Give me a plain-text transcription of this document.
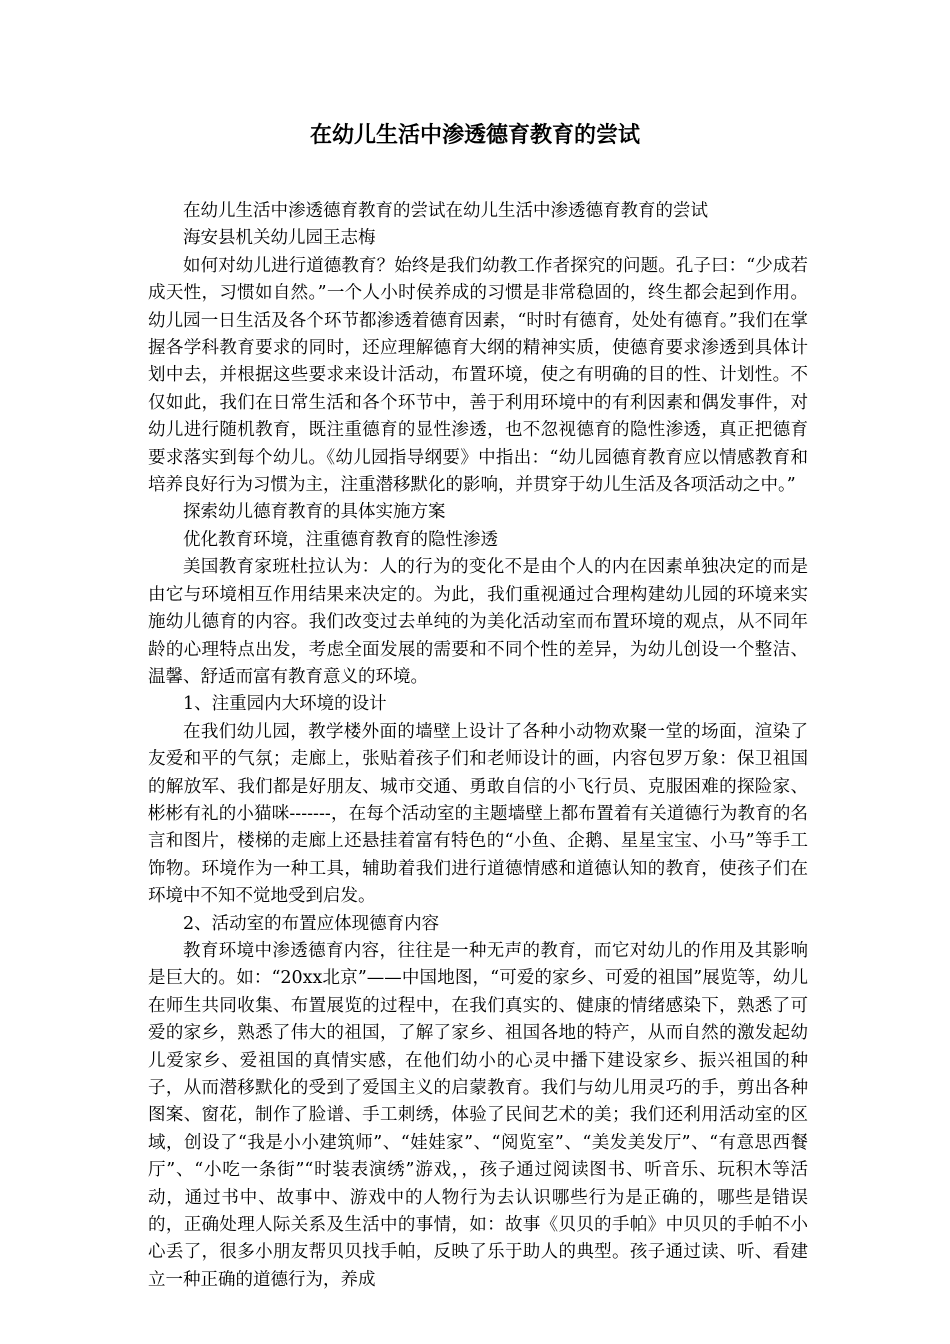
在幼儿生活中渗透德育教育的尝试

在幼儿生活中渗透德育教育的尝试在幼儿生活中渗透德育教育的尝试

海安县机关幼儿园王志梅

如何对幼儿进行道德教育？始终是我们幼教工作者探究的问题。孔子曰：“少成若成天性，习惯如自然。”一个人小时侯养成的习惯是非常稳固的，终生都会起到作用。幼儿园一日生活及各个环节都渗透着德育因素，“时时有德育，处处有德育。”我们在掌握各学科教育要求的同时，还应理解德育大纲的精神实质，使德育要求渗透到具体计划中去，并根据这些要求来设计活动，布置环境，使之有明确的目的性、计划性。不仅如此，我们在日常生活和各个环节中，善于利用环境中的有利因素和偶发事件，对幼儿进行随机教育，既注重德育的显性渗透，也不忽视德育的隐性渗透，真正把德育要求落实到每个幼儿。《幼儿园指导纲要》中指出：“幼儿园德育教育应以情感教育和培养良好行为习惯为主，注重潜移默化的影响，并贯穿于幼儿生活及各项活动之中。”

探索幼儿德育教育的具体实施方案

优化教育环境，注重德育教育的隐性渗透

美国教育家班杜拉认为：人的行为的变化不是由个人的内在因素单独决定的而是由它与环境相互作用结果来决定的。为此，我们重视通过合理构建幼儿园的环境来实施幼儿德育的内容。我们改变过去单纯的为美化活动室而布置环境的观点，从不同年龄的心理特点出发，考虑全面发展的需要和不同个性的差异，为幼儿创设一个整洁、温馨、舒适而富有教育意义的环境。

1、注重园内大环境的设计

在我们幼儿园，教学楼外面的墙壁上设计了各种小动物欢聚一堂的场面，渲染了友爱和平的气氛；走廊上，张贴着孩子们和老师设计的画，内容包罗万象：保卫祖国的解放军、我们都是好朋友、城市交通、勇敢自信的小飞行员、克服困难的探险家、彬彬有礼的小猫咪-------，在每个活动室的主题墙壁上都布置着有关道德行为教育的名言和图片，楼梯的走廊上还悬挂着富有特色的“小鱼、企鹅、星星宝宝、小马”等手工饰物。环境作为一种工具，辅助着我们进行道德情感和道德认知的教育，使孩子们在环境中不知不觉地受到启发。

2、活动室的布置应体现德育内容

教育环境中渗透德育内容，往往是一种无声的教育，而它对幼儿的作用及其影响是巨大的。如：“20xx北京”——中国地图，“可爱的家乡、可爱的祖国”展览等，幼儿在师生共同收集、布置展览的过程中，在我们真实的、健康的情绪感染下，熟悉了可爱的家乡，熟悉了伟大的祖国，了解了家乡、祖国各地的特产，从而自然的激发起幼儿爱家乡、爱祖国的真情实感，在他们幼小的心灵中播下建设家乡、振兴祖国的种子，从而潜移默化的受到了爱国主义的启蒙教育。我们与幼儿用灵巧的手，剪出各种图案、窗花，制作了脸谱、手工刺绣，体验了民间艺术的美；我们还利用活动室的区域，创设了“我是小小建筑师”、“娃娃家”、“阅览室”、“美发美发厅”、“有意思西餐厅”、“小吃一条街”“时装表演绣”游戏，，孩子通过阅读图书、听音乐、玩积木等活动，通过书中、故事中、游戏中的人物行为去认识哪些行为是正确的，哪些是错误的，正确处理人际关系及生活中的事情，如：故事《贝贝的手帕》中贝贝的手帕不小心丢了，很多小朋友帮贝贝找手帕，反映了乐于助人的典型。孩子通过读、听、看建立一种正确的道德行为，养成
